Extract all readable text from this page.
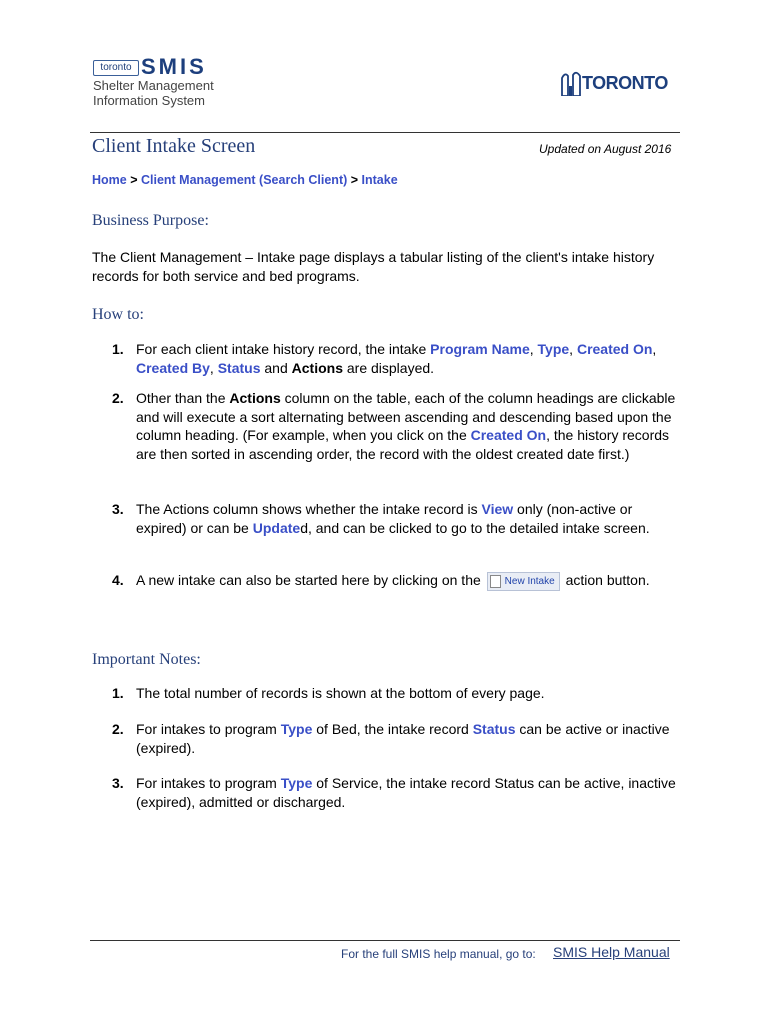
toronto SMIS
Shelter Management
Information System
TORONTO
Client Intake Screen	Updated on August 2016
Home > Client Management (Search Client) > Intake
Business Purpose:
The Client Management – Intake page displays a tabular listing of the client's intake history records for both service and bed programs.
How to:
1. For each client intake history record, the intake Program Name, Type, Created On, Created By, Status and Actions are displayed.
2. Other than the Actions column on the table, each of the column headings are clickable and will execute a sort alternating between ascending and descending based upon the column heading. (For example, when you click on the Created On, the history records are then sorted in ascending order, the record with the oldest created date first.)
3. The Actions column shows whether the intake record is View only (non-active or expired) or can be Updated, and can be clicked to go to the detailed intake screen.
4. A new intake can also be started here by clicking on the New Intake action button.
Important Notes:
1. The total number of records is shown at the bottom of every page.
2. For intakes to program Type of Bed, the intake record Status can be active or inactive (expired).
3. For intakes to program Type of Service, the intake record Status can be active, inactive (expired), admitted or discharged.
For the full SMIS help manual, go to: SMIS Help Manual
